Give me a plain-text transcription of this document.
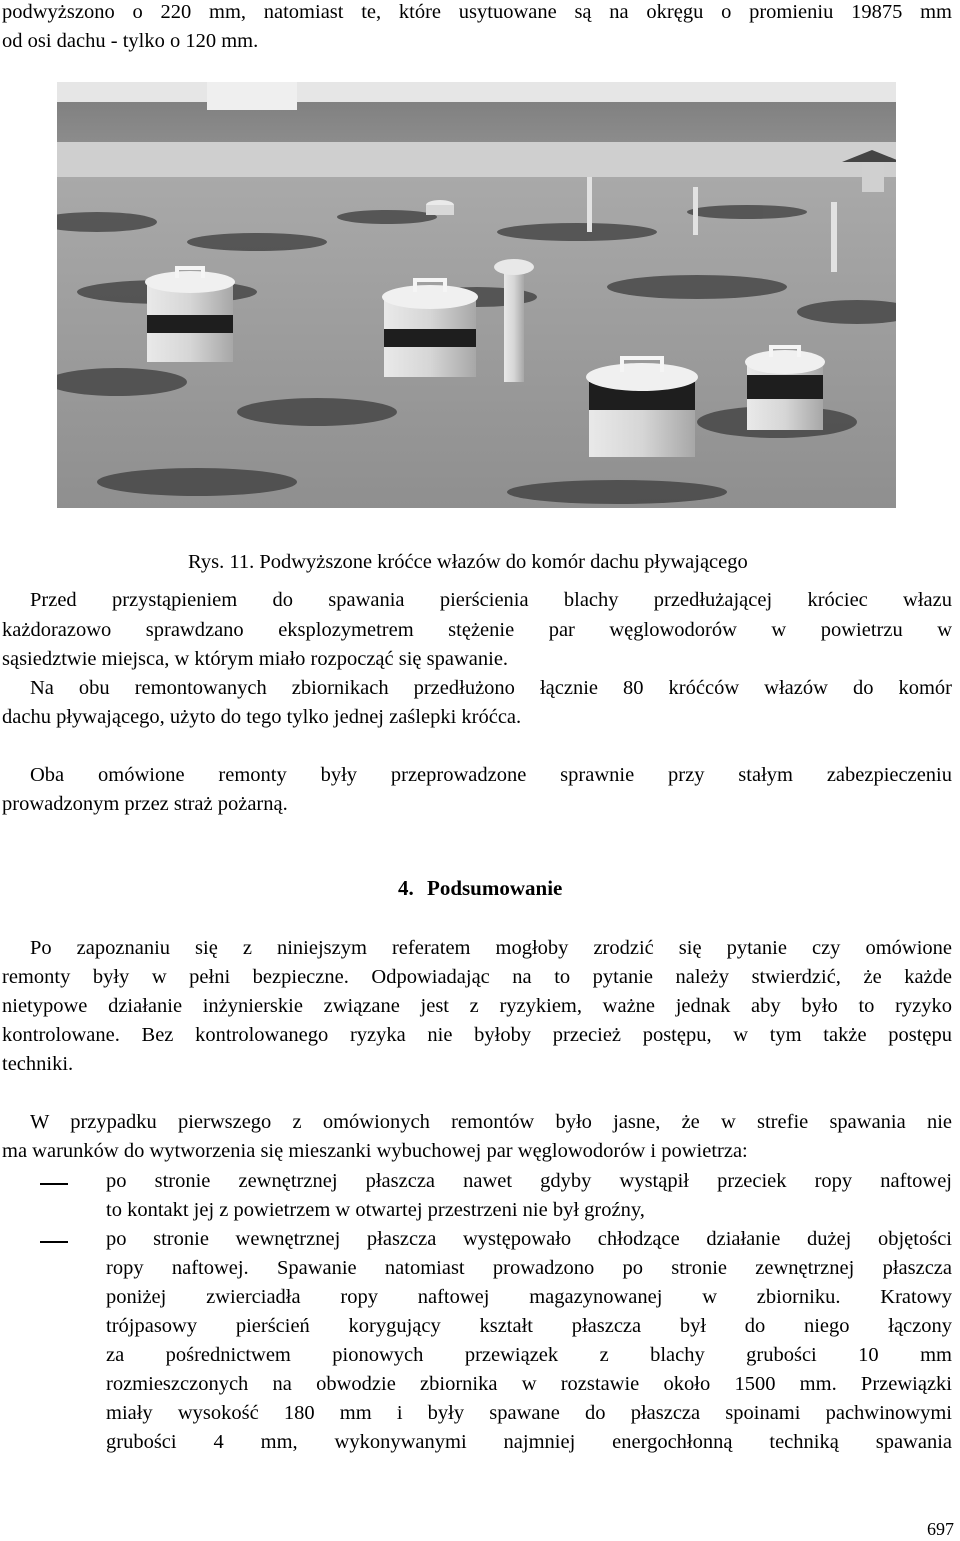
podwyższono o 220 mm, natomiast te, które usytuowane są na okręgu o promieniu 19875 mm
od osi dachu - tylko o 120 mm.
Rys. 11. Podwyższone króćce włazów do komór dachu pływającego
Przed przystąpieniem do spawania pierścienia blachy przedłużającej króciec włazu
każdorazowo sprawdzano eksplozymetrem stężenie par węglowodorów w powietrzu w
sąsiedztwie miejsca, w którym miało rozpocząć się spawanie.
Na obu remontowanych zbiornikach przedłużono łącznie 80 króćców włazów do komór
dachu pływającego, użyto do tego tylko jednej zaślepki króćca.
Oba omówione remonty były przeprowadzone sprawnie przy stałym zabezpieczeniu
prowadzonym przez straż pożarną.
4. Podsumowanie
Po zapoznaniu się z niniejszym referatem mogłoby zrodzić się pytanie czy omówione
remonty były w pełni bezpieczne. Odpowiadając na to pytanie należy stwierdzić, że każde
nietypowe działanie inżynierskie związane jest z ryzykiem, ważne jednak aby było to ryzyko
kontrolowane. Bez kontrolowanego ryzyka nie byłoby przecież postępu, w tym także postępu
techniki.
W przypadku pierwszego z omówionych remontów było jasne, że w strefie spawania nie
ma warunków do wytworzenia się mieszanki wybuchowej par węglowodorów i powietrza:
po stronie zewnętrznej płaszcza nawet gdyby wystąpił przeciek ropy naftowej
to kontakt jej z powietrzem w otwartej przestrzeni nie był groźny,
po stronie wewnętrznej płaszcza występowało chłodzące działanie dużej objętości
ropy naftowej. Spawanie natomiast prowadzono po stronie zewnętrznej płaszcza
poniżej zwierciadła ropy naftowej magazynowanej w zbiorniku. Kratowy
trójpasowy pierścień korygujący kształt płaszcza był do niego łączony
za pośrednictwem pionowych przewiązek z blachy grubości 10 mm
rozmieszczonych na obwodzie zbiornika w rozstawie około 1500 mm. Przewiązki
miały wysokość 180 mm i były spawane do płaszcza spoinami pachwinowymi
grubości 4 mm, wykonywanymi najmniej energochłonną techniką spawania
697
